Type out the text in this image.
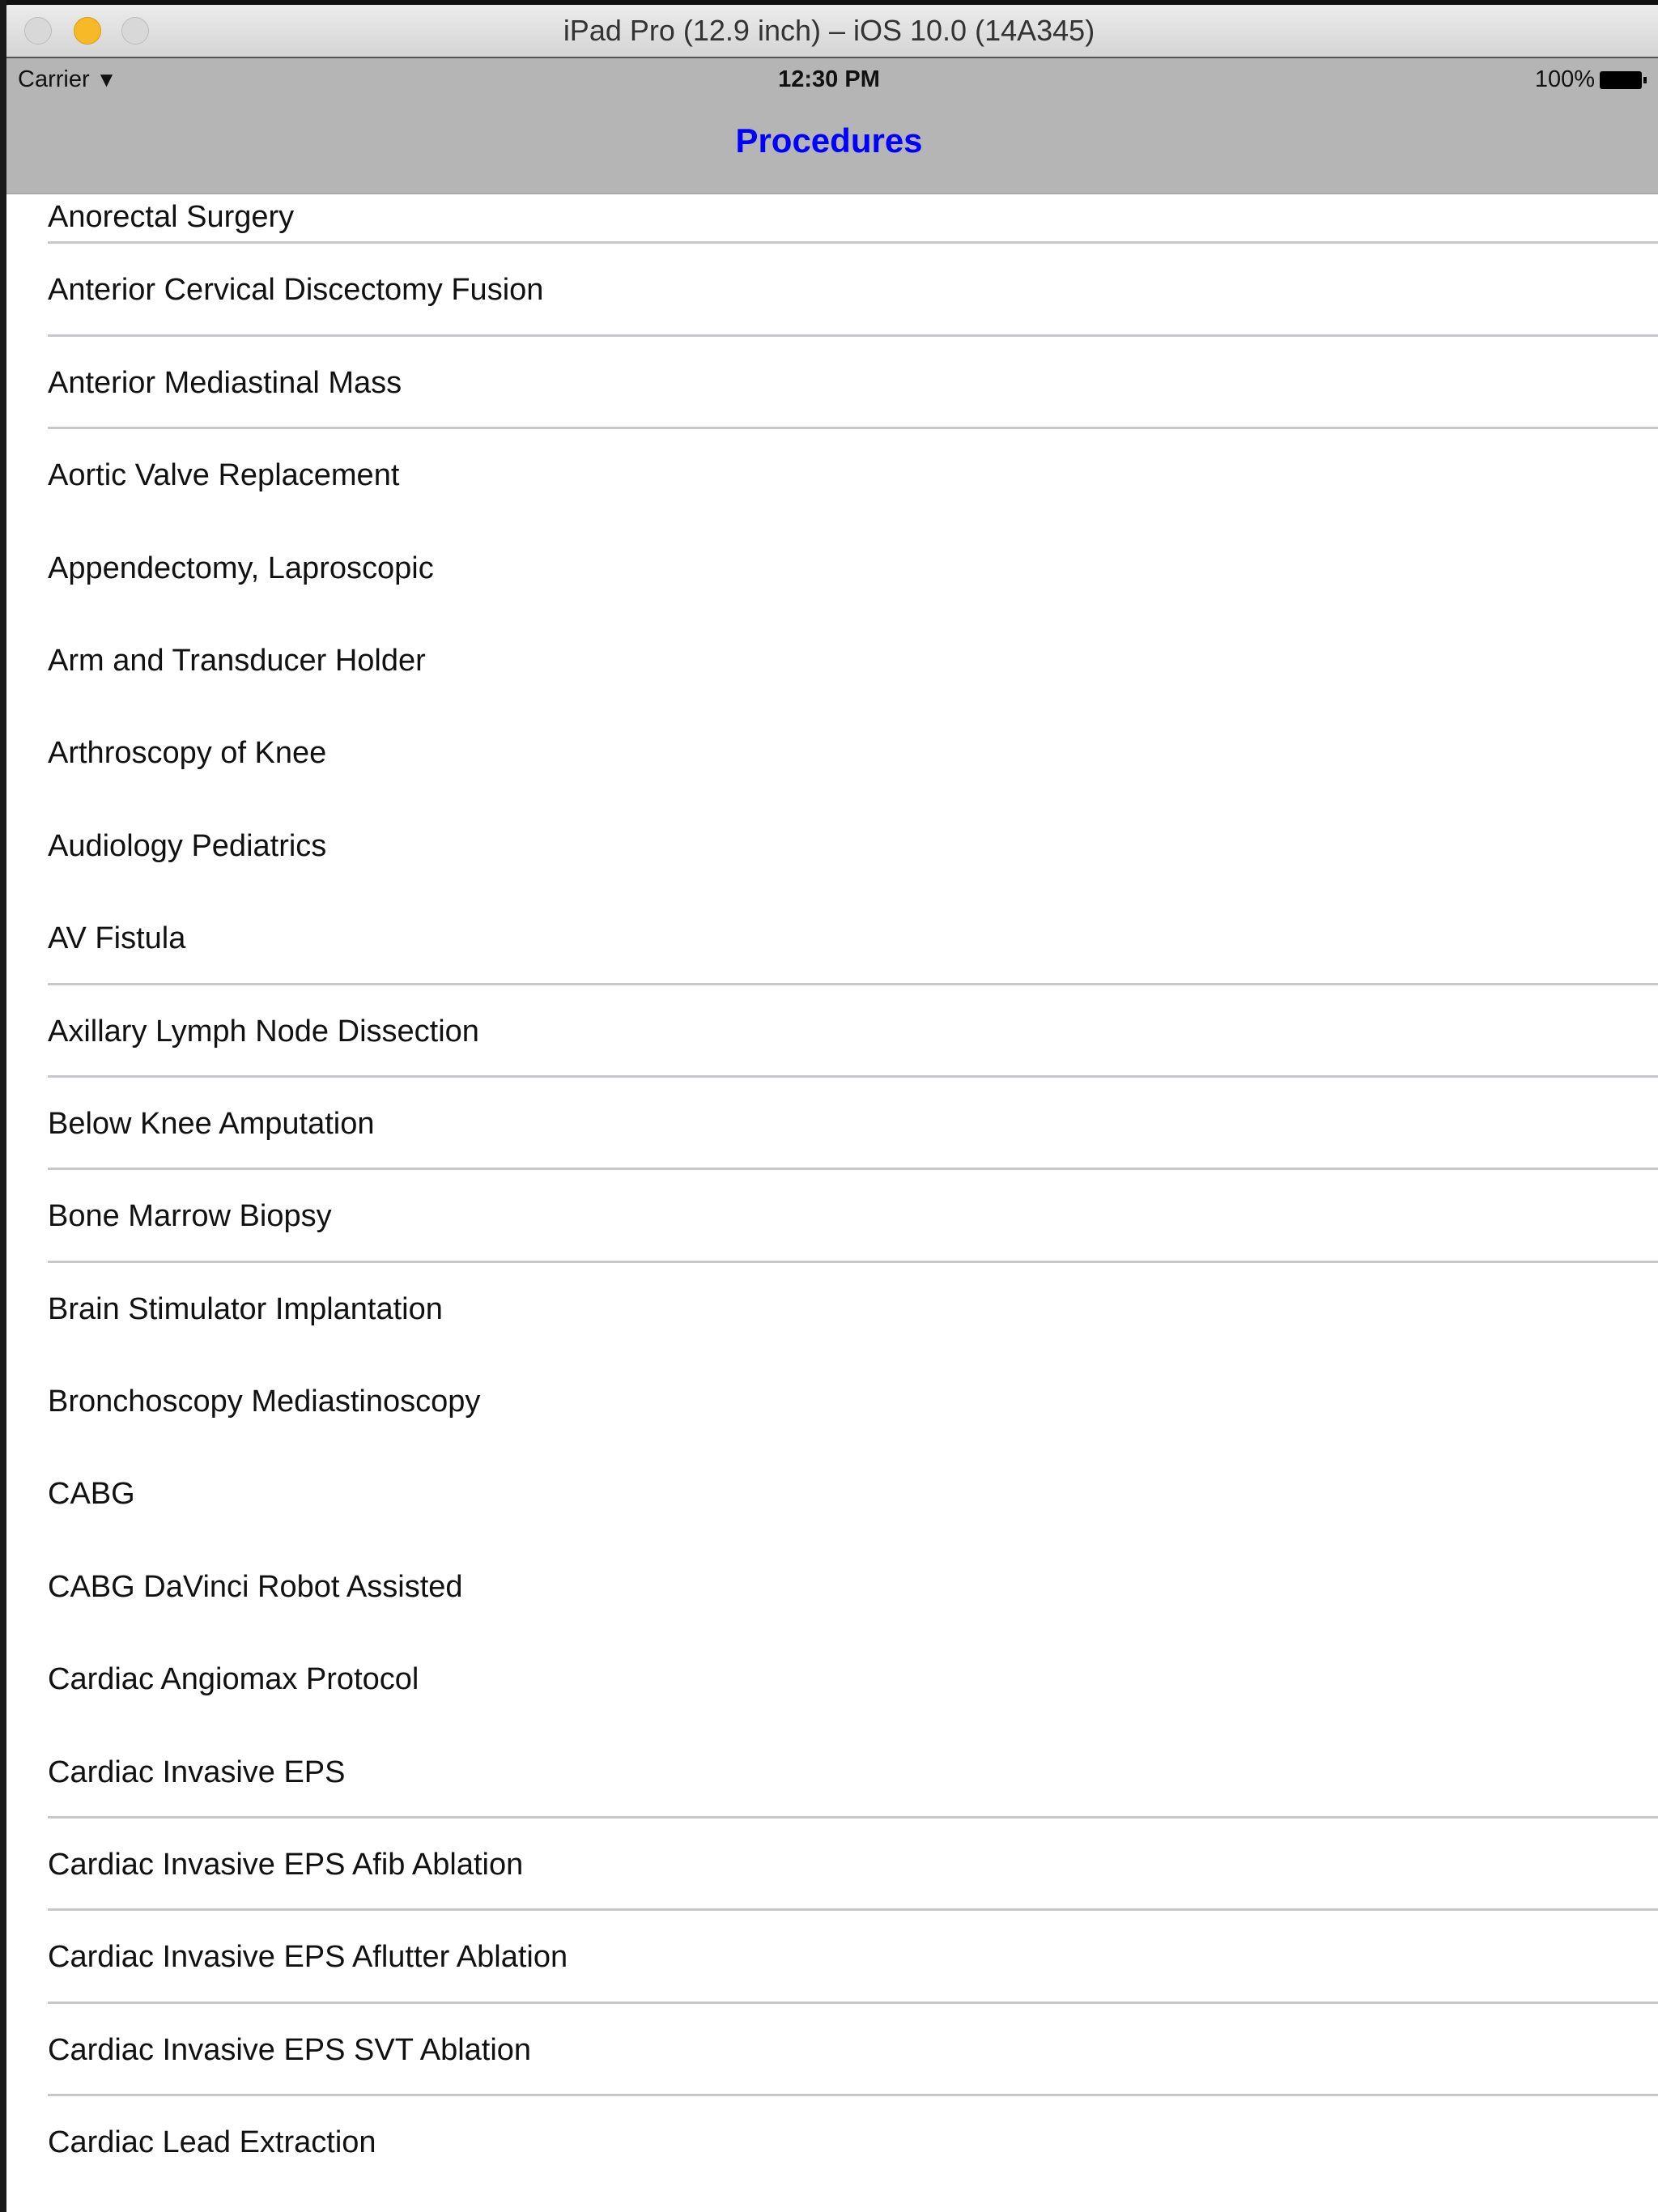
iPad Pro (12.9 inch) – iOS 10.0 (14A345)
Carrier ▼	12:30 PM	100%
Procedures
Anorectal Surgery
Anterior Cervical Discectomy Fusion
Anterior Mediastinal Mass
Aortic Valve Replacement
Appendectomy, Laproscopic
Arm and Transducer Holder
Arthroscopy of Knee
Audiology Pediatrics
AV Fistula
Axillary Lymph Node Dissection
Below Knee Amputation
Bone Marrow Biopsy
Brain Stimulator Implantation
Bronchoscopy Mediastinoscopy
CABG
CABG DaVinci Robot Assisted
Cardiac Angiomax Protocol
Cardiac Invasive EPS
Cardiac Invasive EPS Afib Ablation
Cardiac Invasive EPS Aflutter Ablation
Cardiac Invasive EPS SVT Ablation
Cardiac Lead Extraction
